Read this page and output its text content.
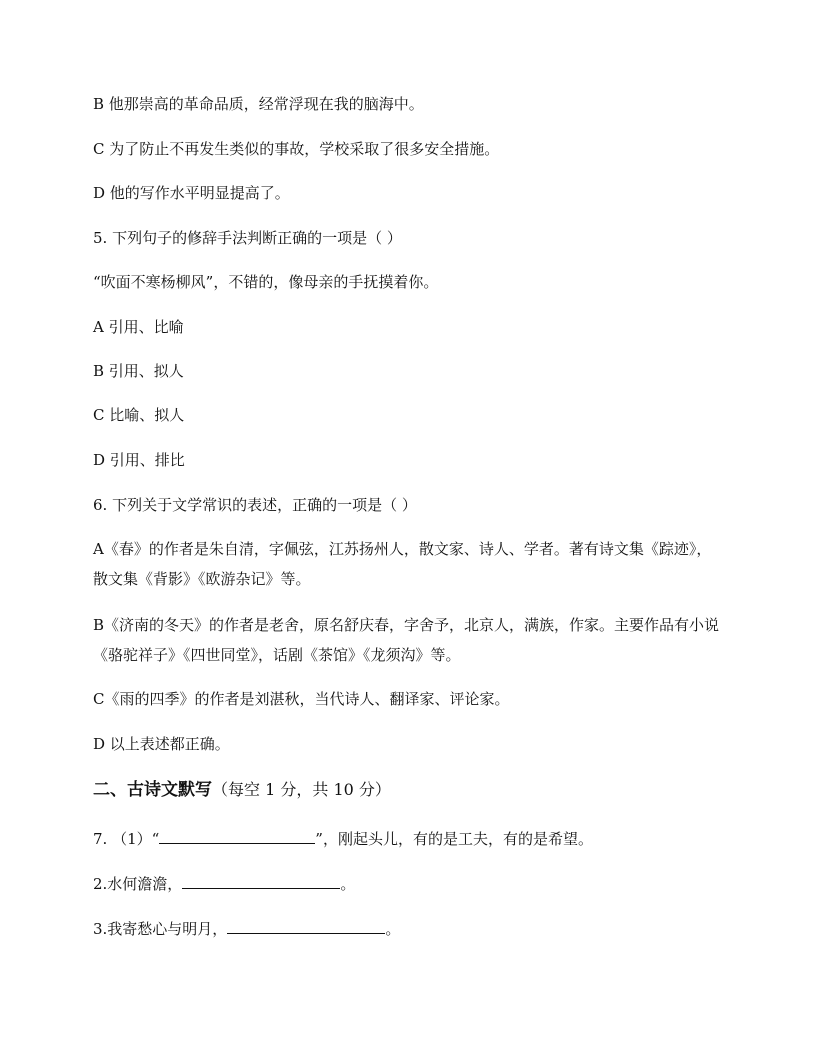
B 他那崇高的革命品质，经常浮现在我的脑海中。
C 为了防止不再发生类似的事故，学校采取了很多安全措施。
D 他的写作水平明显提高了。
5. 下列句子的修辞手法判断正确的一项是（ ）
“吹面不寒杨柳风”，不错的，像母亲的手抚摸着你。
A 引用、比喻
B 引用、拟人
C 比喻、拟人
D 引用、排比
6. 下列关于文学常识的表述，正确的一项是（ ）
A《春》的作者是朱自清，字佩弦，江苏扬州人，散文家、诗人、学者。著有诗文集《踪迹》，散文集《背影》《欧游杂记》等。
B《济南的冬天》的作者是老舍，原名舒庆春，字舍予，北京人，满族，作家。主要作品有小说《骆驼祥子》《四世同堂》，话剧《茶馆》《龙须沟》等。
C《雨的四季》的作者是刘湛秋，当代诗人、翻译家、评论家。
D 以上表述都正确。
二、古诗文默写（每空 1 分，共 10 分）
7. （1）“	”，刚起头儿，有的是工夫，有的是希望。
2.水何澹澹，	。
3.我寄愁心与明月，	。
